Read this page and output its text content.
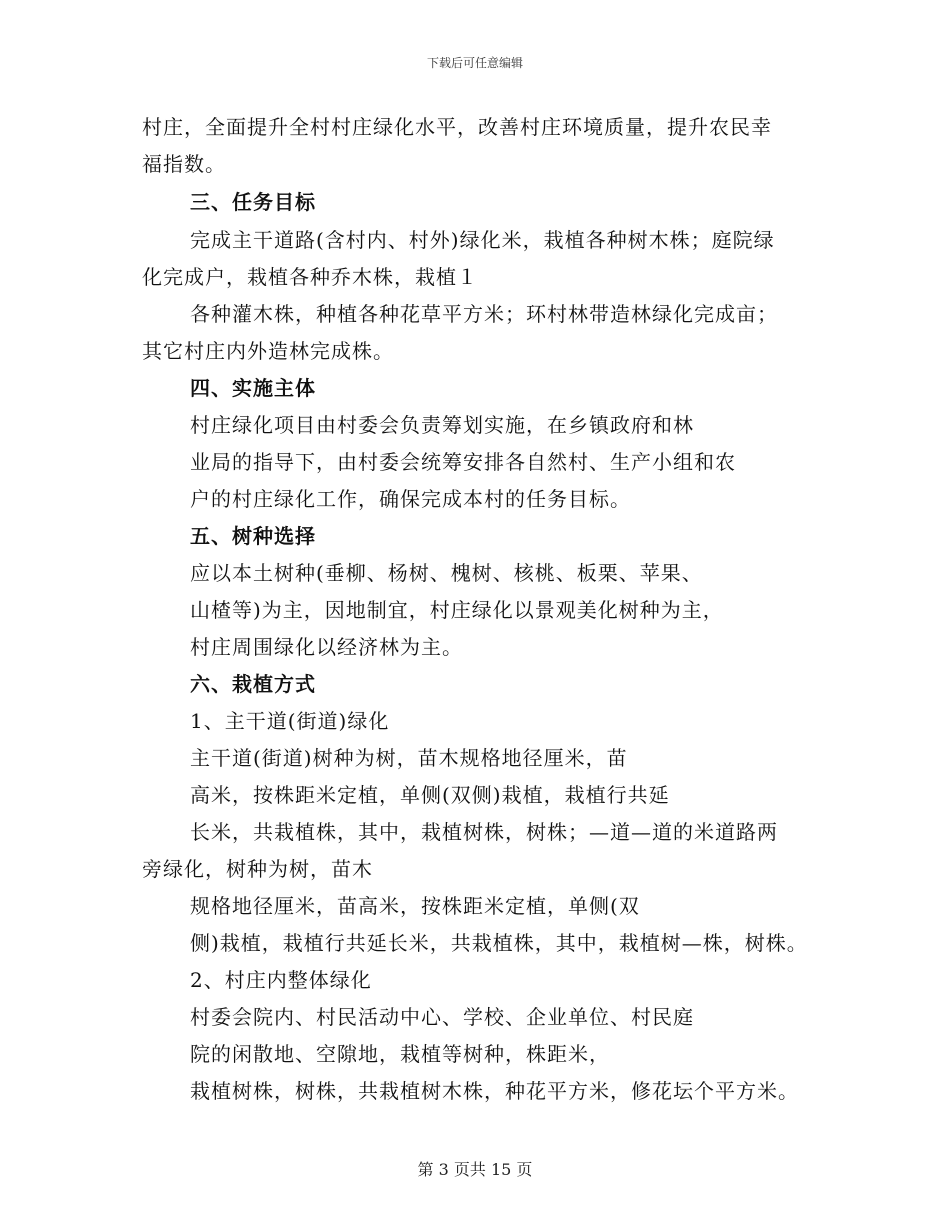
下载后可任意编辑
村庄，全面提升全村村庄绿化水平，改善村庄环境质量，提升农民幸
福指数。
三、任务目标
完成主干道路(含村内、村外)绿化米，栽植各种树木株；庭院绿
化完成户，栽植各种乔木株，栽植１
各种灌木株，种植各种花草平方米；环村林带造林绿化完成亩；
其它村庄内外造林完成株。
四、实施主体
村庄绿化项目由村委会负责筹划实施，在乡镇政府和林
业局的指导下，由村委会统筹安排各自然村、生产小组和农
户的村庄绿化工作，确保完成本村的任务目标。
五、树种选择
应以本土树种(垂柳、杨树、槐树、核桃、板栗、苹果、
山楂等)为主，因地制宜，村庄绿化以景观美化树种为主，
村庄周围绿化以经济林为主。
六、栽植方式
1、主干道(街道)绿化
主干道(街道)树种为树，苗木规格地径厘米，苗
高米，按株距米定植，单侧(双侧)栽植，栽植行共延
长米，共栽植株，其中，栽植树株，树株；—道—道的米道路两
旁绿化，树种为树，苗木
规格地径厘米，苗高米，按株距米定植，单侧(双
侧)栽植，栽植行共延长米，共栽植株，其中，栽植树—株，树株。
2、村庄内整体绿化
村委会院内、村民活动中心、学校、企业单位、村民庭
院的闲散地、空隙地，栽植等树种，株距米，
栽植树株，树株，共栽植树木株，种花平方米，修花坛个平方米。
第 3 页共 15 页
